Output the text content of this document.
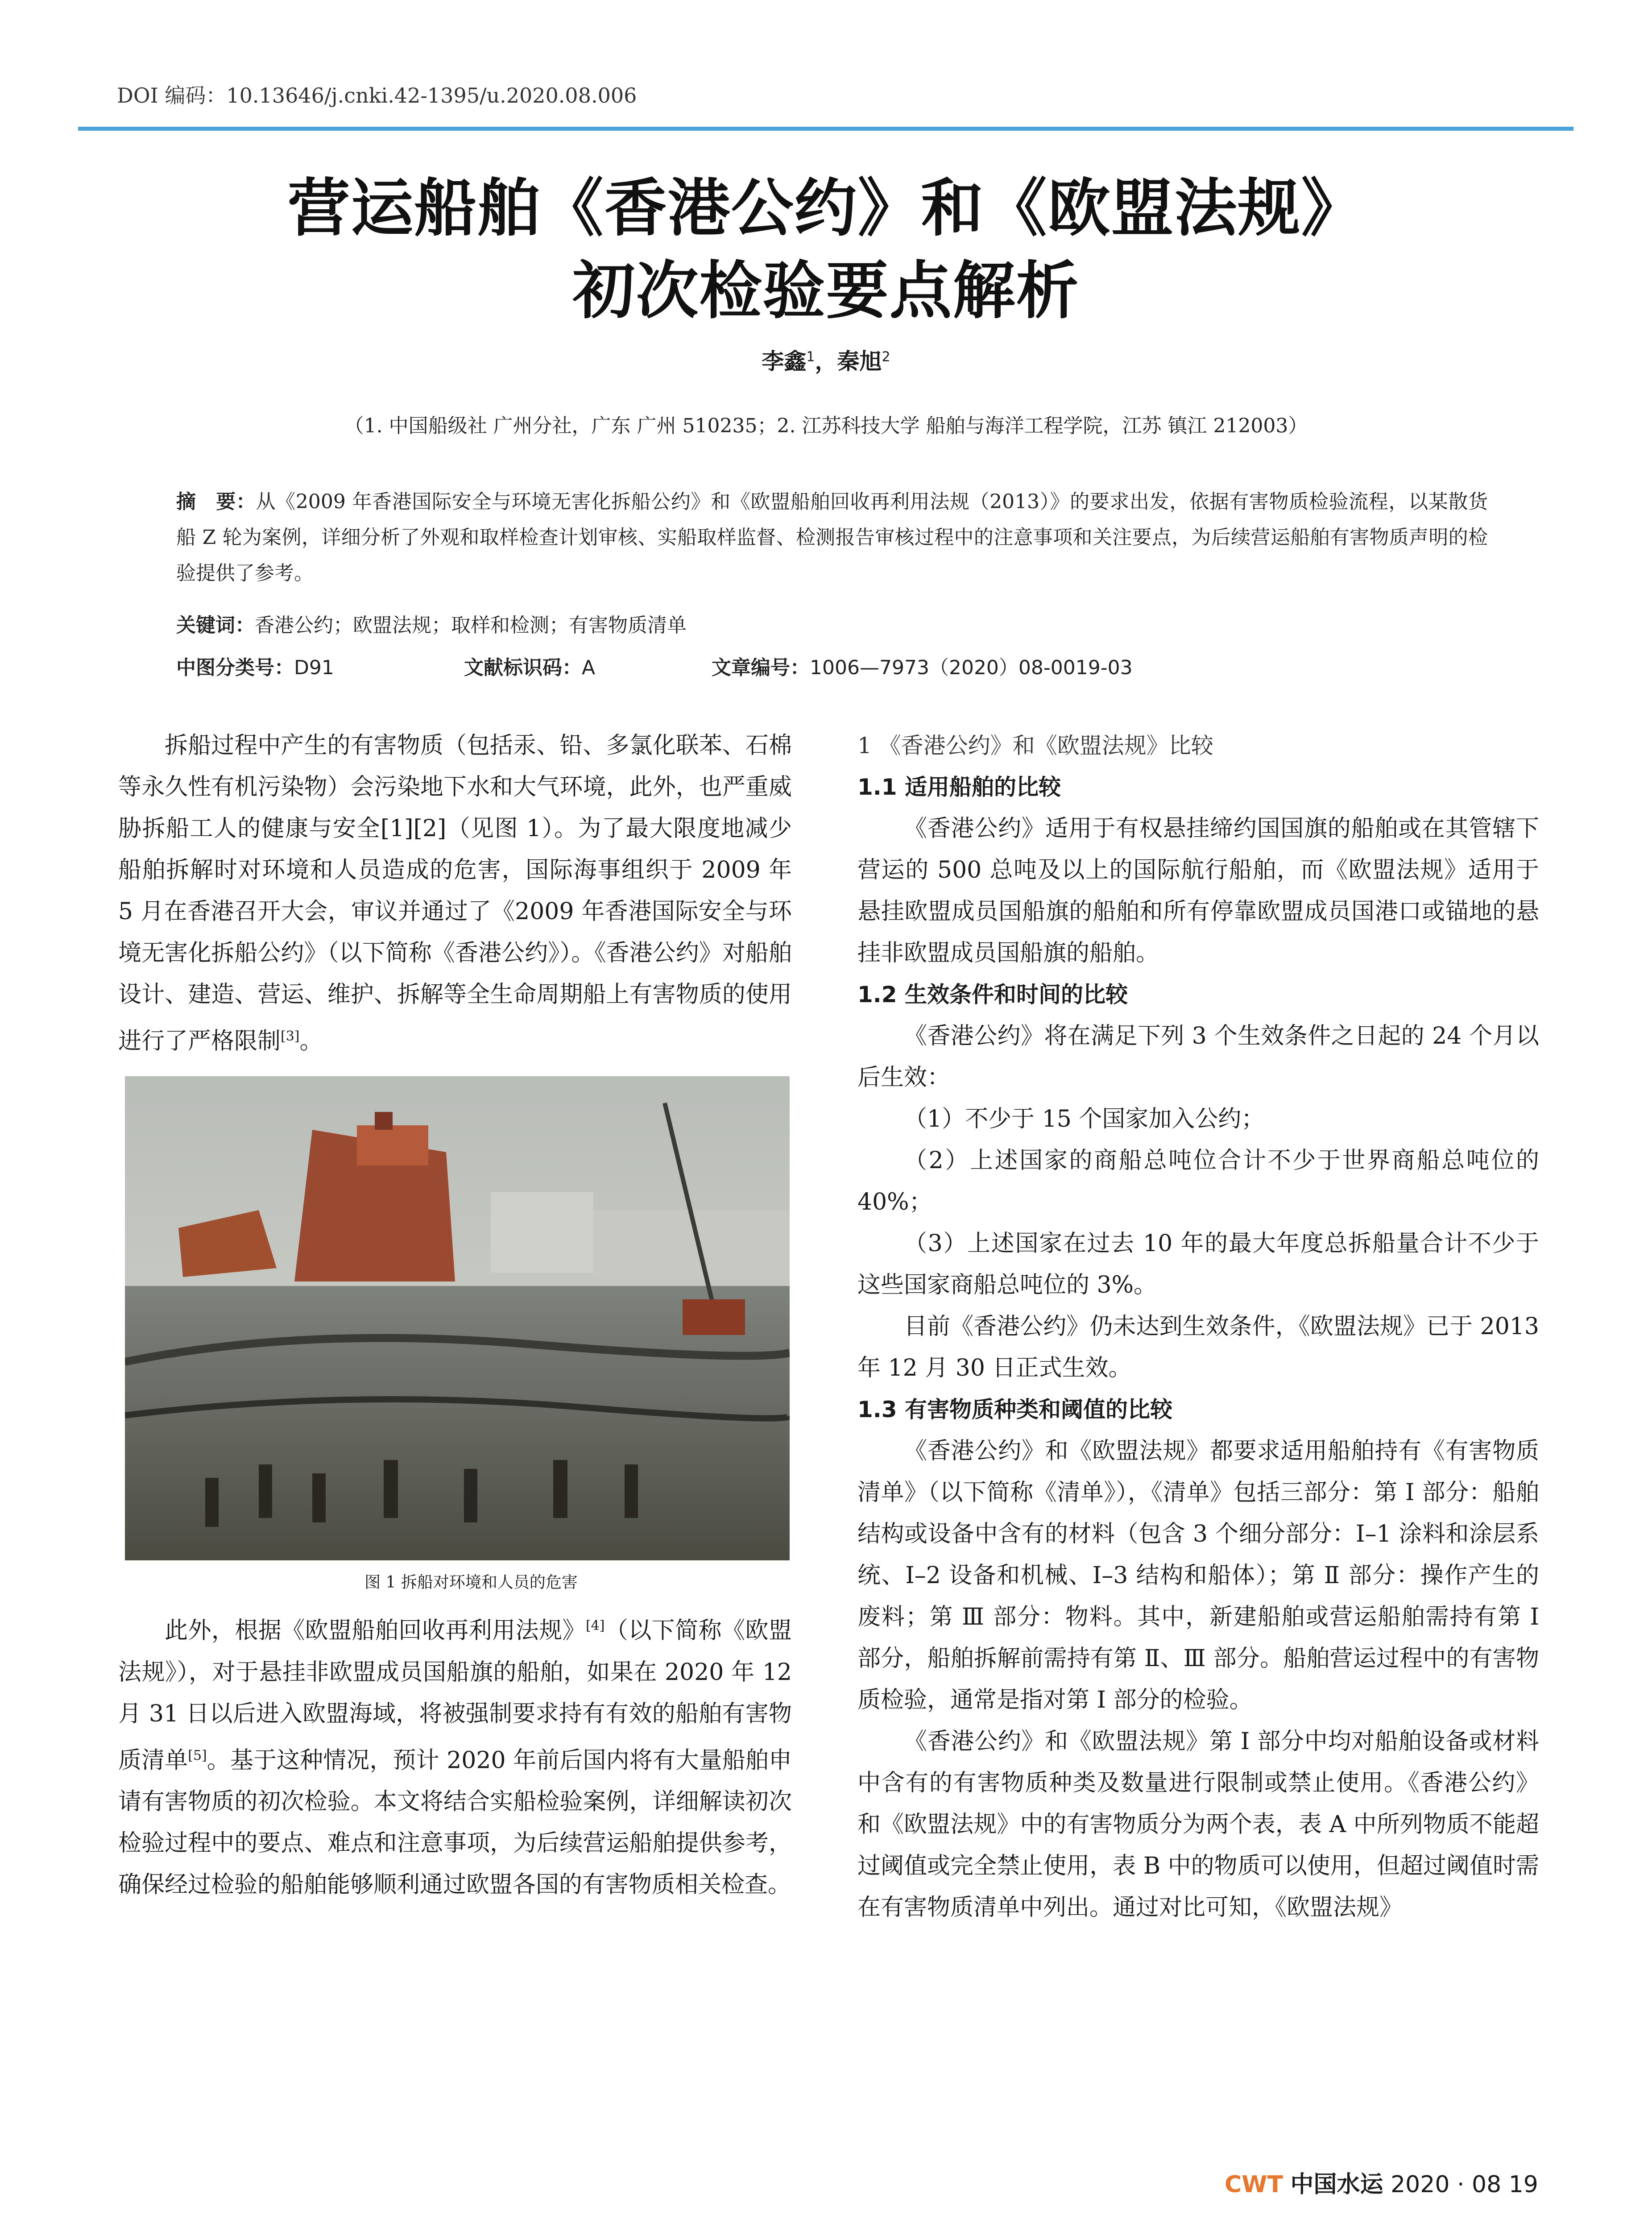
DOI 编码：10.13646/j.cnki.42-1395/u.2020.08.006
营运船舶《香港公约》和《欧盟法规》
初次检验要点解析
李鑫$^1$，秦旭$^2$
（1. 中国船级社 广州分社，广东 广州 510235；2. 江苏科技大学 船舶与海洋工程学院，江苏 镇江 212003）
摘　要：从《2009 年香港国际安全与环境无害化拆船公约》和《欧盟船舶回收再利用法规（2013）》的要求出发，依据有害物质检验流程，以某散货船 Z 轮为案例，详细分析了外观和取样检查计划审核、实船取样监督、检测报告审核过程中的注意事项和关注要点，为后续营运船舶有害物质声明的检验提供了参考。
关键词：香港公约；欧盟法规；取样和检测；有害物质清单
中图分类号：D91	文献标识码：A	文章编号：1006—7973（2020）08-0019-03

拆船过程中产生的有害物质（包括汞、铅、多氯化联苯、石棉等永久性有机污染物）会污染地下水和大气环境，此外，也严重威胁拆船工人的健康与安全[1][2]（见图 1）。为了最大限度地减少船舶拆解时对环境和人员造成的危害，国际海事组织于 2009 年 5 月在香港召开大会，审议并通过了《2009 年香港国际安全与环境无害化拆船公约》（以下简称《香港公约》）。《香港公约》对船舶设计、建造、营运、维护、拆解等全生命周期船上有害物质的使用进行了严格限制[3]。

图 1 拆船对环境和人员的危害

此外，根据《欧盟船舶回收再利用法规》[4]（以下简称《欧盟法规》），对于悬挂非欧盟成员国船旗的船舶，如果在 2020 年 12 月 31 日以后进入欧盟海域，将被强制要求持有有效的船舶有害物质清单[5]。基于这种情况，预计 2020 年前后国内将有大量船舶申请有害物质的初次检验。本文将结合实船检验案例，详细解读初次检验过程中的要点、难点和注意事项，为后续营运船舶提供参考，确保经过检验的船舶能够顺利通过欧盟各国的有害物质相关检查。

1 《香港公约》和《欧盟法规》比较
1.1 适用船舶的比较

《香港公约》适用于有权悬挂缔约国国旗的船舶或在其管辖下营运的 500 总吨及以上的国际航行船舶，而《欧盟法规》适用于悬挂欧盟成员国船旗的船舶和所有停靠欧盟成员国港口或锚地的悬挂非欧盟成员国船旗的船舶。

1.2 生效条件和时间的比较

《香港公约》将在满足下列 3 个生效条件之日起的 24 个月以后生效：

（1）不少于 15 个国家加入公约；

（2）上述国家的商船总吨位合计不少于世界商船总吨位的 40%；

（3）上述国家在过去 10 年的最大年度总拆船量合计不少于这些国家商船总吨位的 3%。

目前《香港公约》仍未达到生效条件，《欧盟法规》已于 2013 年 12 月 30 日正式生效。

1.3 有害物质种类和阈值的比较

《香港公约》和《欧盟法规》都要求适用船舶持有《有害物质清单》（以下简称《清单》），《清单》包括三部分：第 I 部分：船舶结构或设备中含有的材料（包含 3 个细分部分：I–1 涂料和涂层系统、I–2 设备和机械、I–3 结构和船体）；第 Ⅱ 部分：操作产生的废料；第 Ⅲ 部分：物料。其中，新建船舶或营运船舶需持有第 I 部分，船舶拆解前需持有第 Ⅱ、Ⅲ 部分。船舶营运过程中的有害物质检验，通常是指对第 I 部分的检验。

《香港公约》和《欧盟法规》第 I 部分中均对船舶设备或材料中含有的有害物质种类及数量进行限制或禁止使用。《香港公约》和《欧盟法规》中的有害物质分为两个表，表 A 中所列物质不能超过阈值或完全禁止使用，表 B 中的物质可以使用，但超过阈值时需在有害物质清单中列出。通过对比可知，《欧盟法规》

CWT 中国水运 2020 · 08 19
